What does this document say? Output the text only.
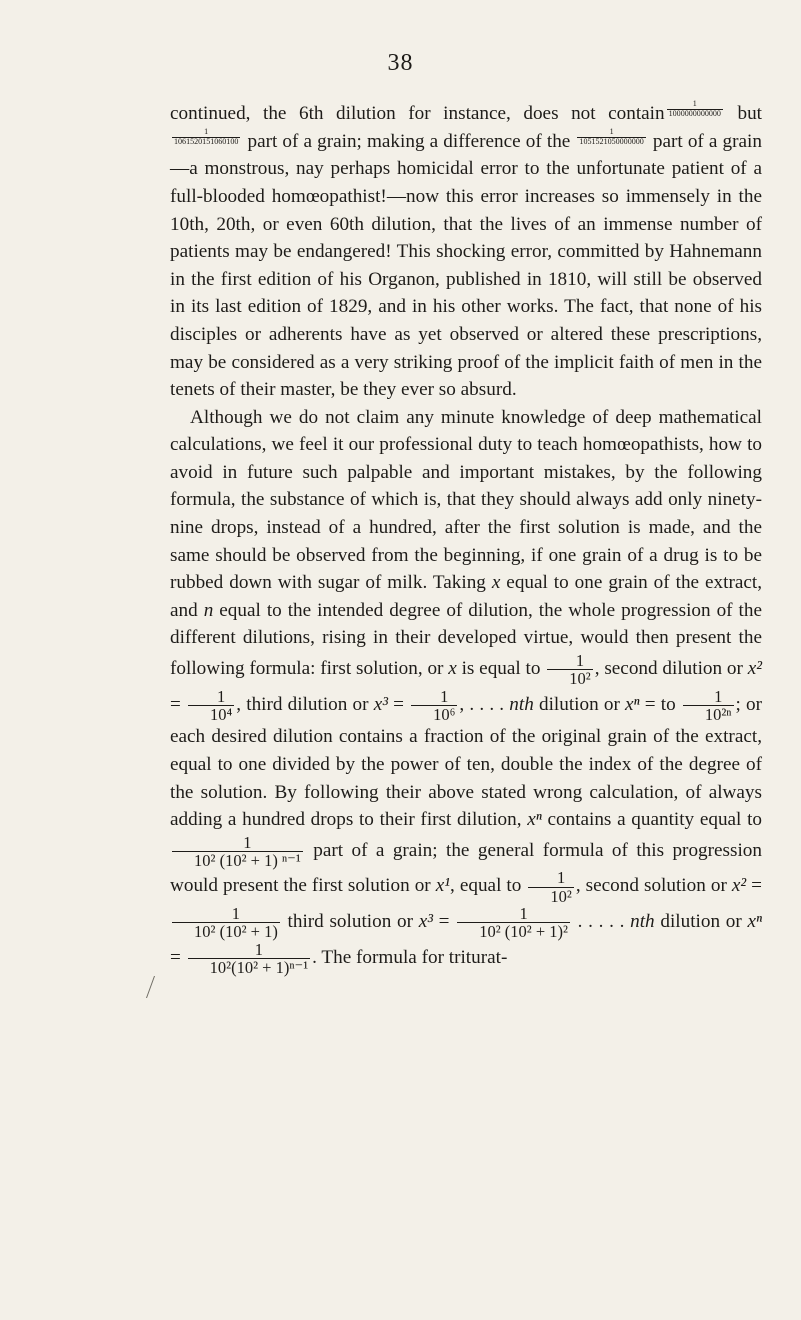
38

continued, the 6th dilution for instance, does not contain $\frac{1}{1000000000000}$ but
$\frac{1}{1061520151060100}$ part of a grain; making a difference of the $\frac{1}{1051521050000000}$ part of a grain—a monstrous, nay perhaps homicidal error to the unfortunate patient of a full-blooded homœopathist!—now this error increases so immensely in the 10th, 20th, or even 60th dilution, that the lives of an immense number of patients may be endangered! This shocking error, committed by Hahnemann in the first edition of his Organon, published in 1810, will still be observed in its last edition of 1829, and in his other works. The fact, that none of his disciples or adherents have as yet observed or altered these prescriptions, may be considered as a very striking proof of the implicit faith of men in the tenets of their master, be they ever so absurd.

Although we do not claim any minute knowledge of deep mathematical calculations, we feel it our professional duty to teach homœopathists, how to avoid in future such palpable and important mistakes, by the following formula, the substance of which is, that they should always add only ninety-nine drops, instead of a hundred, after the first solution is made, and the same should be observed from the beginning, if one grain of a drug is to be rubbed down with sugar of milk. Taking x equal to one grain of the extract, and n equal to the intended degree of dilution, the whole progression of the different dilutions, rising in their developed virtue, would then present the following formula: first solution, or x is equal to $\frac{1}{\text{10²}}$ , second dilution or $x^2 = \frac{1}{\text{10⁴}}$ , third dilution or $x^3 = \frac{1}{\text{10⁶}}$ , . . . . nth dilution or xⁿ = to $\frac{1}{\text{10²ⁿ}}$ ; or each desired dilution contains a fraction of the original grain of the extract, equal to one divided by the power of ten, double the index of the degree of the solution. By following their above stated wrong calculation, of always adding a hundred drops to their first dilution, xⁿ contains a quantity equal to
$\frac{1}{\text{10² (10² + 1) ⁿ⁻¹}}$ part of a grain; the general formula of this progression would present the first solution or x¹, equal to $\frac{1}{\text{10²}}$ , second solution or x² =
$\frac{1}{\text{10² (10² + 1)}}$ third solution or $x^3 = \frac{1}{\text{10² (10² + 1)²}}$ . . . . . nth dilution or $x^n = \frac{1}{\text{10²(10² + 1)ⁿ⁻¹}}$ . The formula for triturat-
